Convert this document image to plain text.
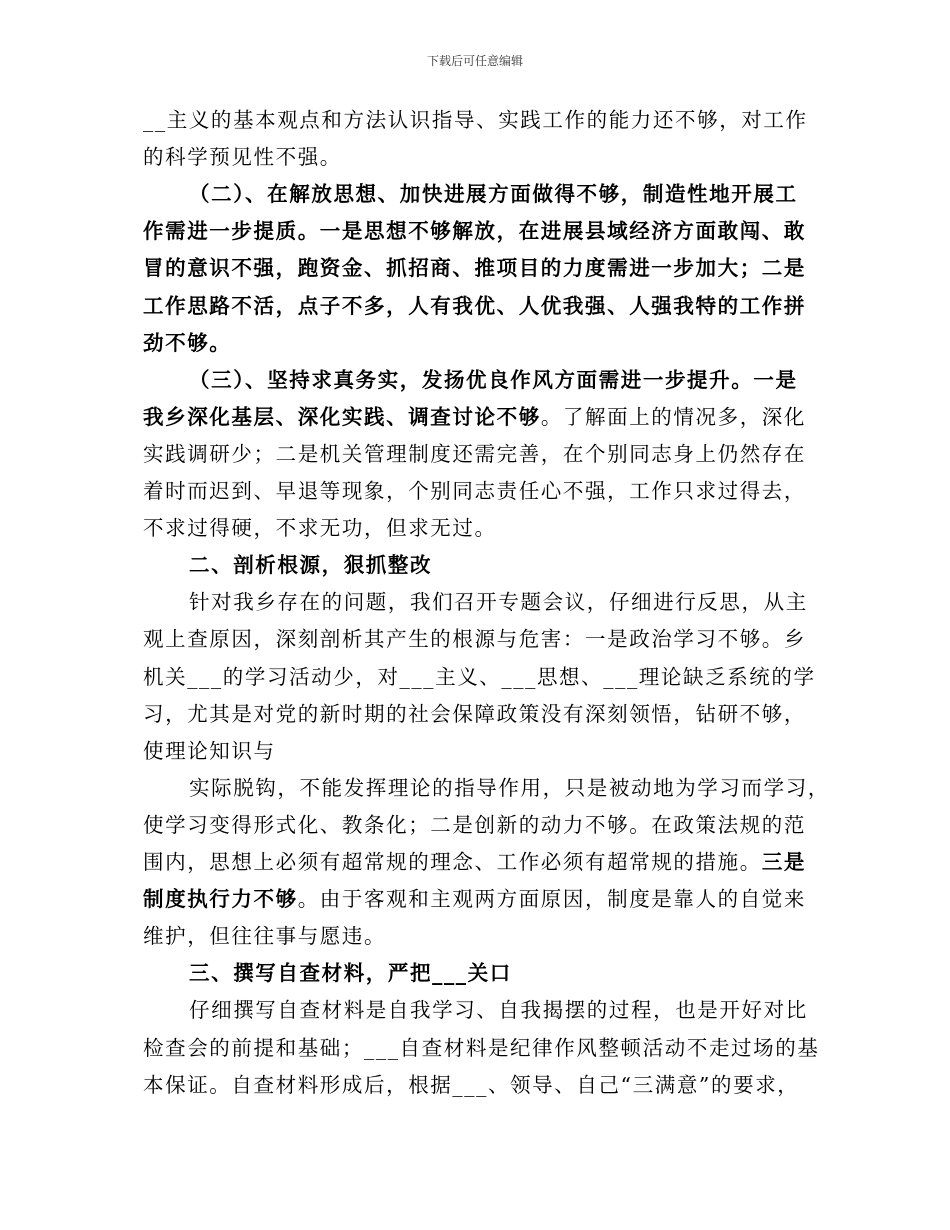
下载后可任意编辑
__主义的基本观点和方法认识指导、实践工作的能力还不够，对工作
的科学预见性不强。
（二）、在解放思想、加快进展方面做得不够，制造性地开展工
作需进一步提质。一是思想不够解放，在进展县域经济方面敢闯、敢
冒的意识不强，跑资金、抓招商、推项目的力度需进一步加大；二是
工作思路不活，点子不多，人有我优、人优我强、人强我特的工作拼
劲不够。
（三）、坚持求真务实，发扬优良作风方面需进一步提升。一是
我乡深化基层、深化实践、调查讨论不够。了解面上的情况多，深化
实践调研少；二是机关管理制度还需完善，在个别同志身上仍然存在
着时而迟到、早退等现象，个别同志责任心不强，工作只求过得去，
不求过得硬，不求无功，但求无过。
二、剖析根源，狠抓整改
针对我乡存在的问题，我们召开专题会议，仔细进行反思，从主
观上查原因，深刻剖析其产生的根源与危害：一是政治学习不够。乡
机关___的学习活动少，对___主义、___思想、___理论缺乏系统的学
习，尤其是对党的新时期的社会保障政策没有深刻领悟，钻研不够，
使理论知识与
实际脱钩，不能发挥理论的指导作用，只是被动地为学习而学习，
使学习变得形式化、教条化；二是创新的动力不够。在政策法规的范
围内，思想上必须有超常规的理念、工作必须有超常规的措施。三是
制度执行力不够。由于客观和主观两方面原因，制度是靠人的自觉来
维护，但往往事与愿违。
三、撰写自查材料，严把___关口
仔细撰写自查材料是自我学习、自我揭摆的过程，也是开好对比
检查会的前提和基础；___自查材料是纪律作风整顿活动不走过场的基
本保证。自查材料形成后，根据___、领导、自己“三满意”的要求，
